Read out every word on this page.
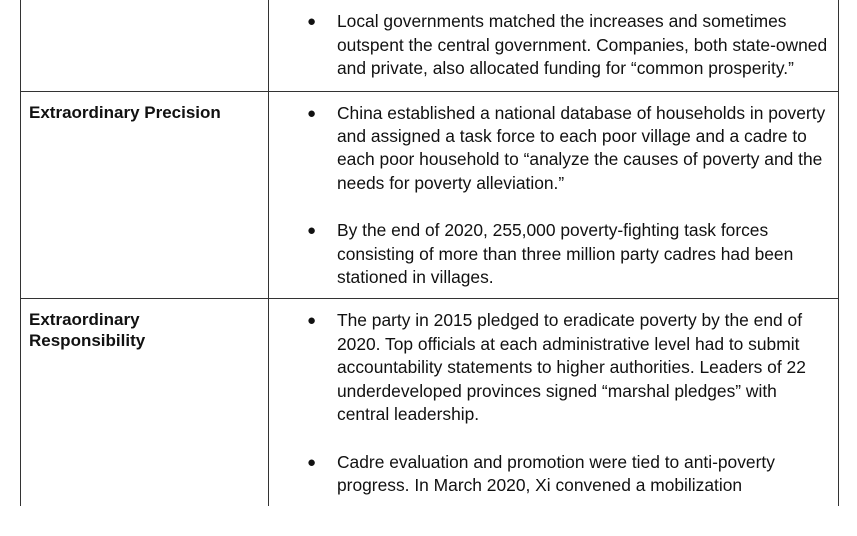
● Local governments matched the increases and sometimes outspent the central government. Companies, both state-owned and private, also allocated funding for “common prosperity.”
Extraordinary Precision	● China established a national database of households in poverty and assigned a task force to each poor village and a cadre to each poor household to “analyze the causes of poverty and the needs for poverty alleviation.”
● By the end of 2020, 255,000 poverty-fighting task forces consisting of more than three million party cadres had been stationed in villages.
Extraordinary Responsibility
● The party in 2015 pledged to eradicate poverty by the end of 2020. Top officials at each administrative level had to submit accountability statements to higher authorities. Leaders of 22 underdeveloped provinces signed “marshal pledges” with central leadership.
● Cadre evaluation and promotion were tied to anti-poverty progress. In March 2020, Xi convened a mobilization
